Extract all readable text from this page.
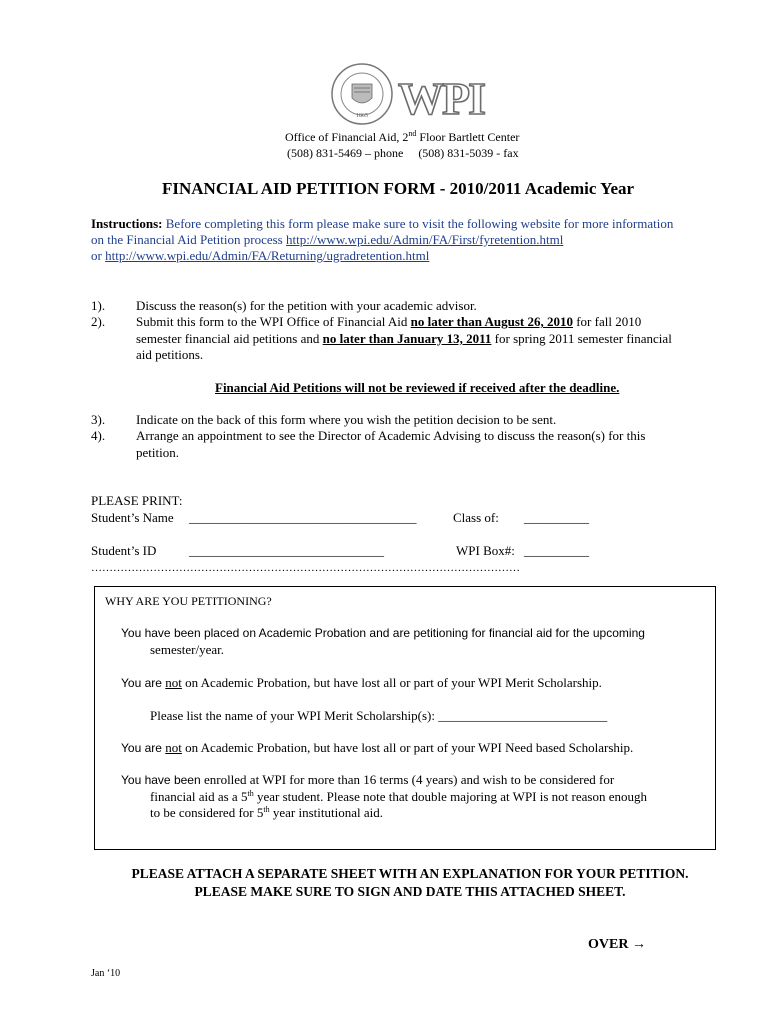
1865 WPI
Office of Financial Aid, 2nd Floor Bartlett Center
(508) 831-5469 – phone     (508) 831-5039 - fax
FINANCIAL AID PETITION FORM - 2010/2011 Academic Year
Instructions: Before completing this form please make sure to visit the following website for more information
on the Financial Aid Petition process http://www.wpi.edu/Admin/FA/First/fyretention.html
or http://www.wpi.edu/Admin/FA/Returning/ugradretention.html
1). Discuss the reason(s) for the petition with your academic advisor.
2). Submit this form to the WPI Office of Financial Aid no later than August 26, 2010 for fall 2010
semester financial aid petitions and no later than January 13, 2011 for spring 2011 semester financial
aid petitions.
Financial Aid Petitions will not be reviewed if received after the deadline.
3). Indicate on the back of this form where you wish the petition decision to be sent.
4). Arrange an appointment to see the Director of Academic Advising to discuss the reason(s) for this
petition.
PLEASE PRINT:
Student’s Name ___________________________________	Class of: __________
Student’s ID	______________________________	WPI Box#: __________
………………………………………………………………………………………………………
WHY ARE YOU PETITIONING?
You have been placed on Academic Probation and are petitioning for financial aid for the upcoming
semester/year.
You are not on Academic Probation, but have lost all or part of your WPI Merit Scholarship.
Please list the name of your WPI Merit Scholarship(s): __________________________
You are not on Academic Probation, but have lost all or part of your WPI Need based Scholarship.
You have been enrolled at WPI for more than 16 terms (4 years) and wish to be considered for
financial aid as a 5th year student. Please note that double majoring at WPI is not reason enough
to be considered for 5th year institutional aid.
PLEASE ATTACH A SEPARATE SHEET WITH AN EXPLANATION FOR YOUR PETITION.
PLEASE MAKE SURE TO SIGN AND DATE THIS ATTACHED SHEET.
OVER →
Jan ‘10
